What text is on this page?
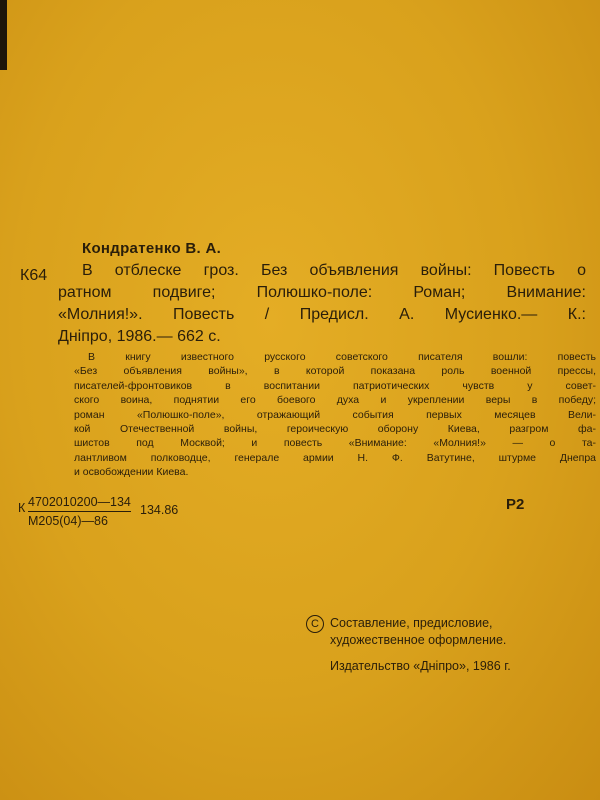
Кондратенко В. А.
К64	В отблеске гроз. Без объявления войны: Повесть о
ратном подвиге; Полюшко-поле: Роман; Внимание:
«Молния!». Повесть / Предисл. А. Мусиенко.— К.:
Дніпро, 1986.— 662 с.
В книгу известного русского советского писателя вошли: повесть
«Без объявления войны», в которой показана роль военной прессы,
писателей-фронтовиков в воспитании патриотических чувств у совет-
ского воина, поднятии его боевого духа и укреплении веры в победу;
роман «Полюшко-поле», отражающий события первых месяцев Вели-
кой Отечественной войны, героическую оборону Киева, разгром фа-
шистов под Москвой; и повесть «Внимание: «Молния!» — о та-
лантливом полководце, генерале армии Н. Ф. Ватутине, штурме Днепра
и освобождении Киева.
К 4702010200—134
М205(04)—86
134.86	Р2
C Составление, предисловие,
художественное оформление.
Издательство «Дніпро», 1986 г.
